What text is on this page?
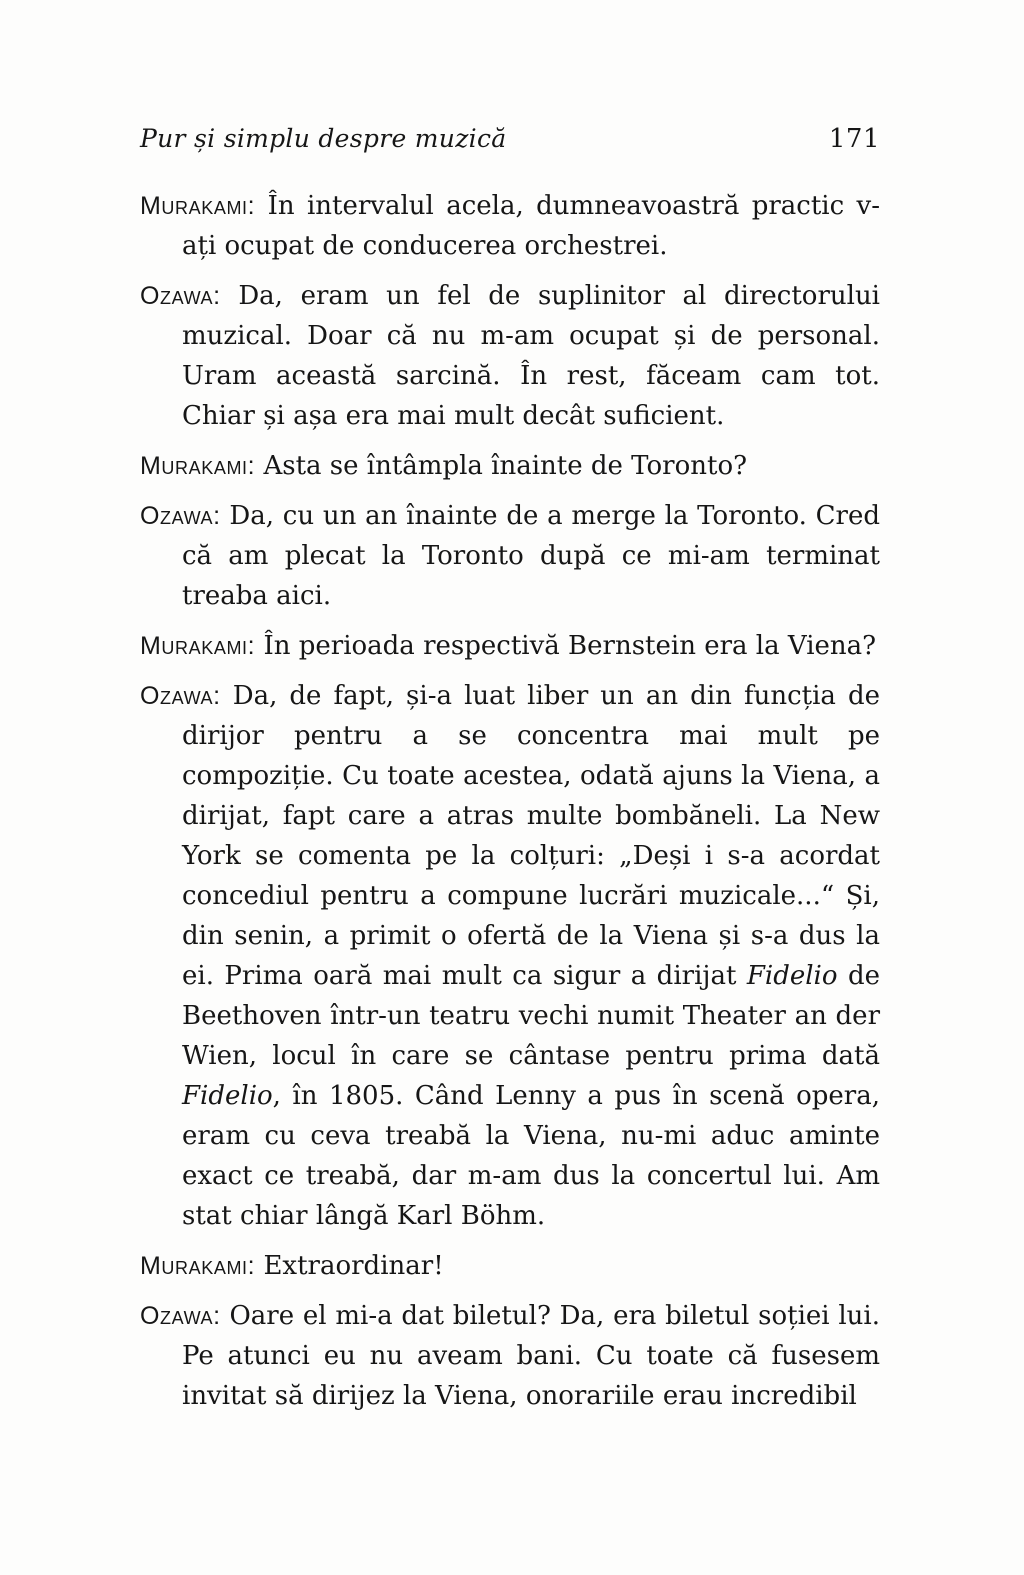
Pur și simplu despre muzică	171

Murakami: În intervalul acela, dumneavoastră practic v-ați ocupat de conducerea orchestrei.

Ozawa: Da, eram un fel de suplinitor al directorului muzical. Doar că nu m-am ocupat și de personal. Uram această sarcină. În rest, făceam cam tot. Chiar și așa era mai mult decât suficient.

Murakami: Asta se întâmpla înainte de Toronto?

Ozawa: Da, cu un an înainte de a merge la Toronto. Cred că am plecat la Toronto după ce mi-am terminat treaba aici.

Murakami: În perioada respectivă Bernstein era la Viena?

Ozawa: Da, de fapt, și-a luat liber un an din funcția de dirijor pentru a se concentra mai mult pe compoziție. Cu toate acestea, odată ajuns la Viena, a dirijat, fapt care a atras multe bombăneli. La New York se comenta pe la colțuri: „Deși i s-a acordat concediul pentru a compune lucrări muzicale...“ Și, din senin, a primit o ofertă de la Viena și s-a dus la ei. Prima oară mai mult ca sigur a dirijat Fidelio de Beethoven într-un teatru vechi numit Theater an der Wien, locul în care se cântase pentru prima dată Fidelio, în 1805. Când Lenny a pus în scenă opera, eram cu ceva treabă la Viena, nu-mi aduc aminte exact ce treabă, dar m-am dus la concertul lui. Am stat chiar lângă Karl Böhm.

Murakami: Extraordinar!

Ozawa: Oare el mi-a dat biletul? Da, era biletul soției lui. Pe atunci eu nu aveam bani. Cu toate că fusesem invitat să dirijez la Viena, onorariile erau incredibil
